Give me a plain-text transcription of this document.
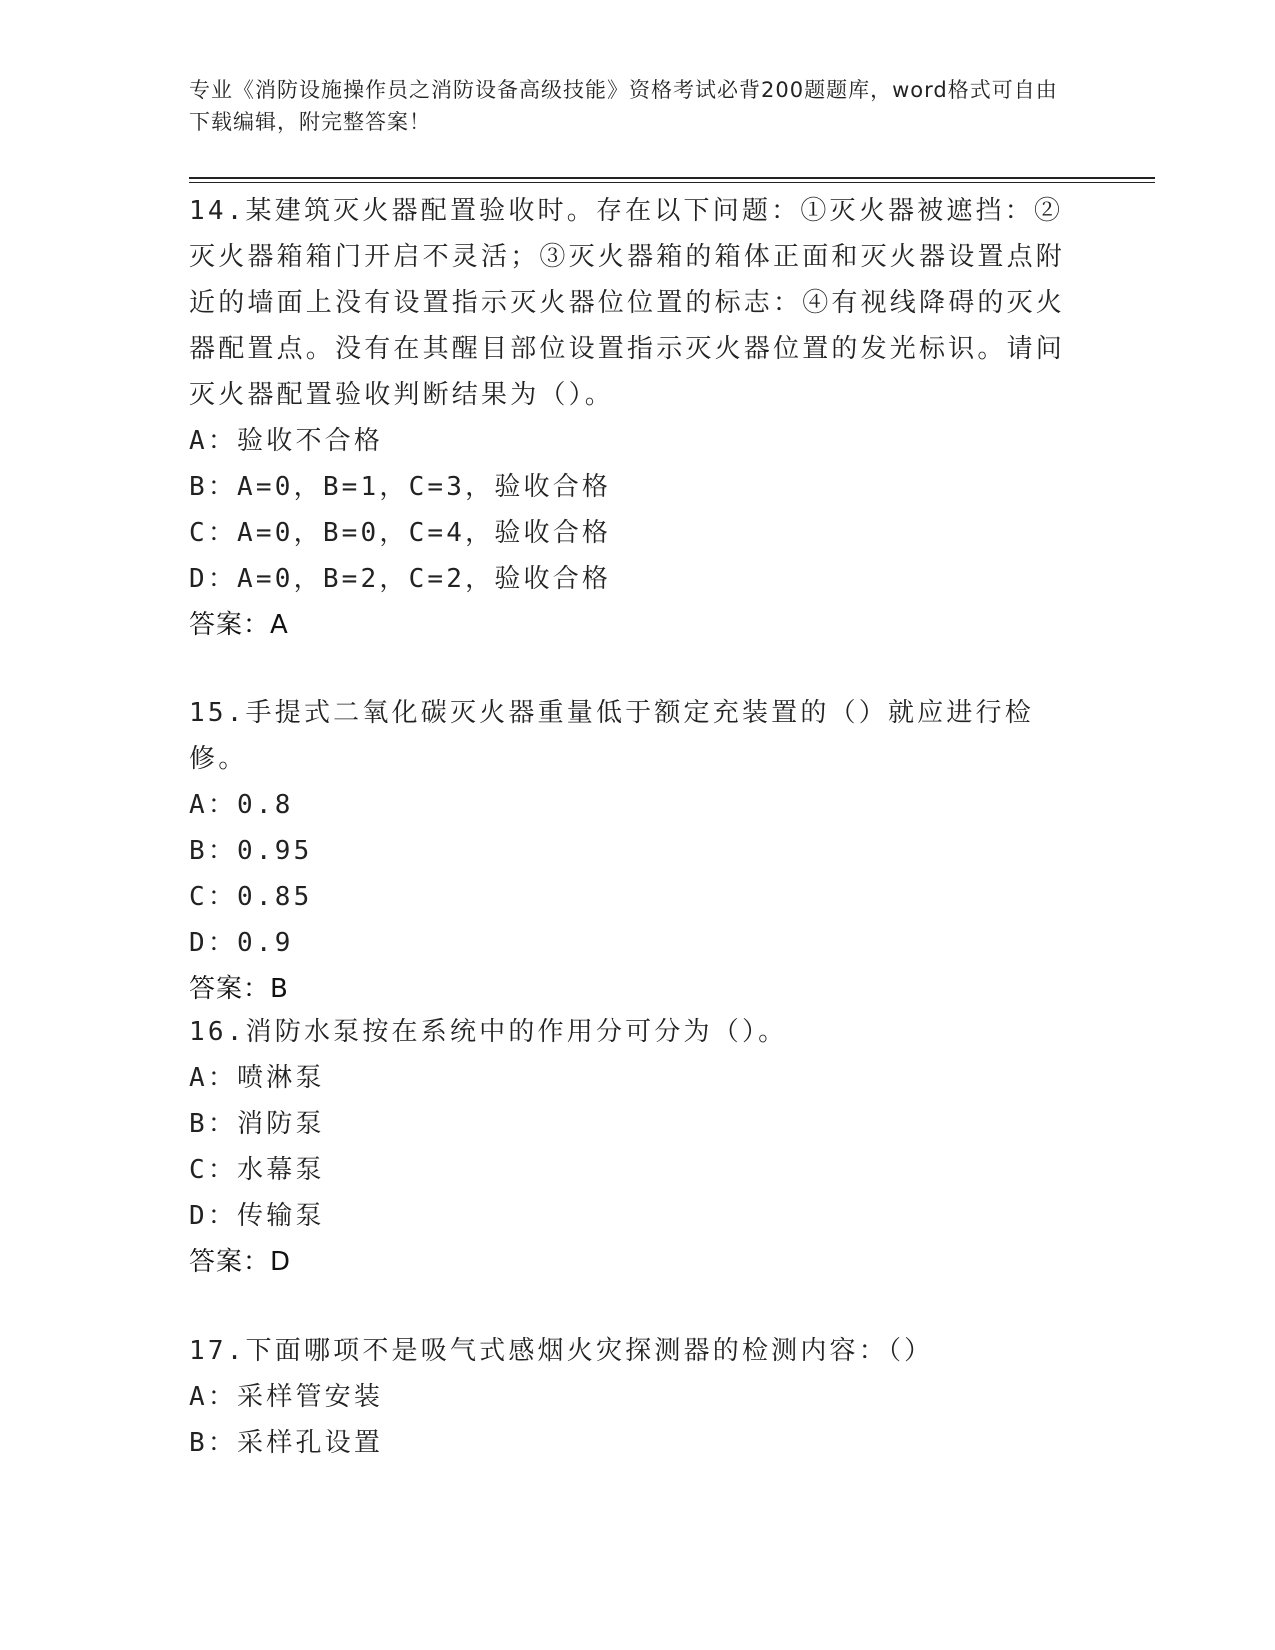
专业《消防设施操作员之消防设备高级技能》资格考试必背200题题库，word格式可自由下载编辑，附完整答案！

14.某建筑灭火器配置验收时。存在以下问题：①灭火器被遮挡：②灭火器箱箱门开启不灵活；③灭火器箱的箱体正面和灭火器设置点附近的墙面上没有设置指示灭火器位位置的标志：④有视线降碍的灭火器配置点。没有在其醒目部位设置指示灭火器位置的发光标识。请问灭火器配置验收判断结果为（）。

A：验收不合格

B：A=0，B=1，C=3，验收合格

C：A=0，B=0，C=4，验收合格

D：A=0，B=2，C=2，验收合格

答案：A

15.手提式二氧化碳灭火器重量低于额定充装置的（）就应进行检修。

A：0.8

B：0.95

C：0.85

D：0.9

答案：B

16.消防水泵按在系统中的作用分可分为（）。

A：喷淋泵

B：消防泵

C：水幕泵

D：传输泵

答案：D

17.下面哪项不是吸气式感烟火灾探测器的检测内容：（）

A：采样管安装

B：采样孔设置
